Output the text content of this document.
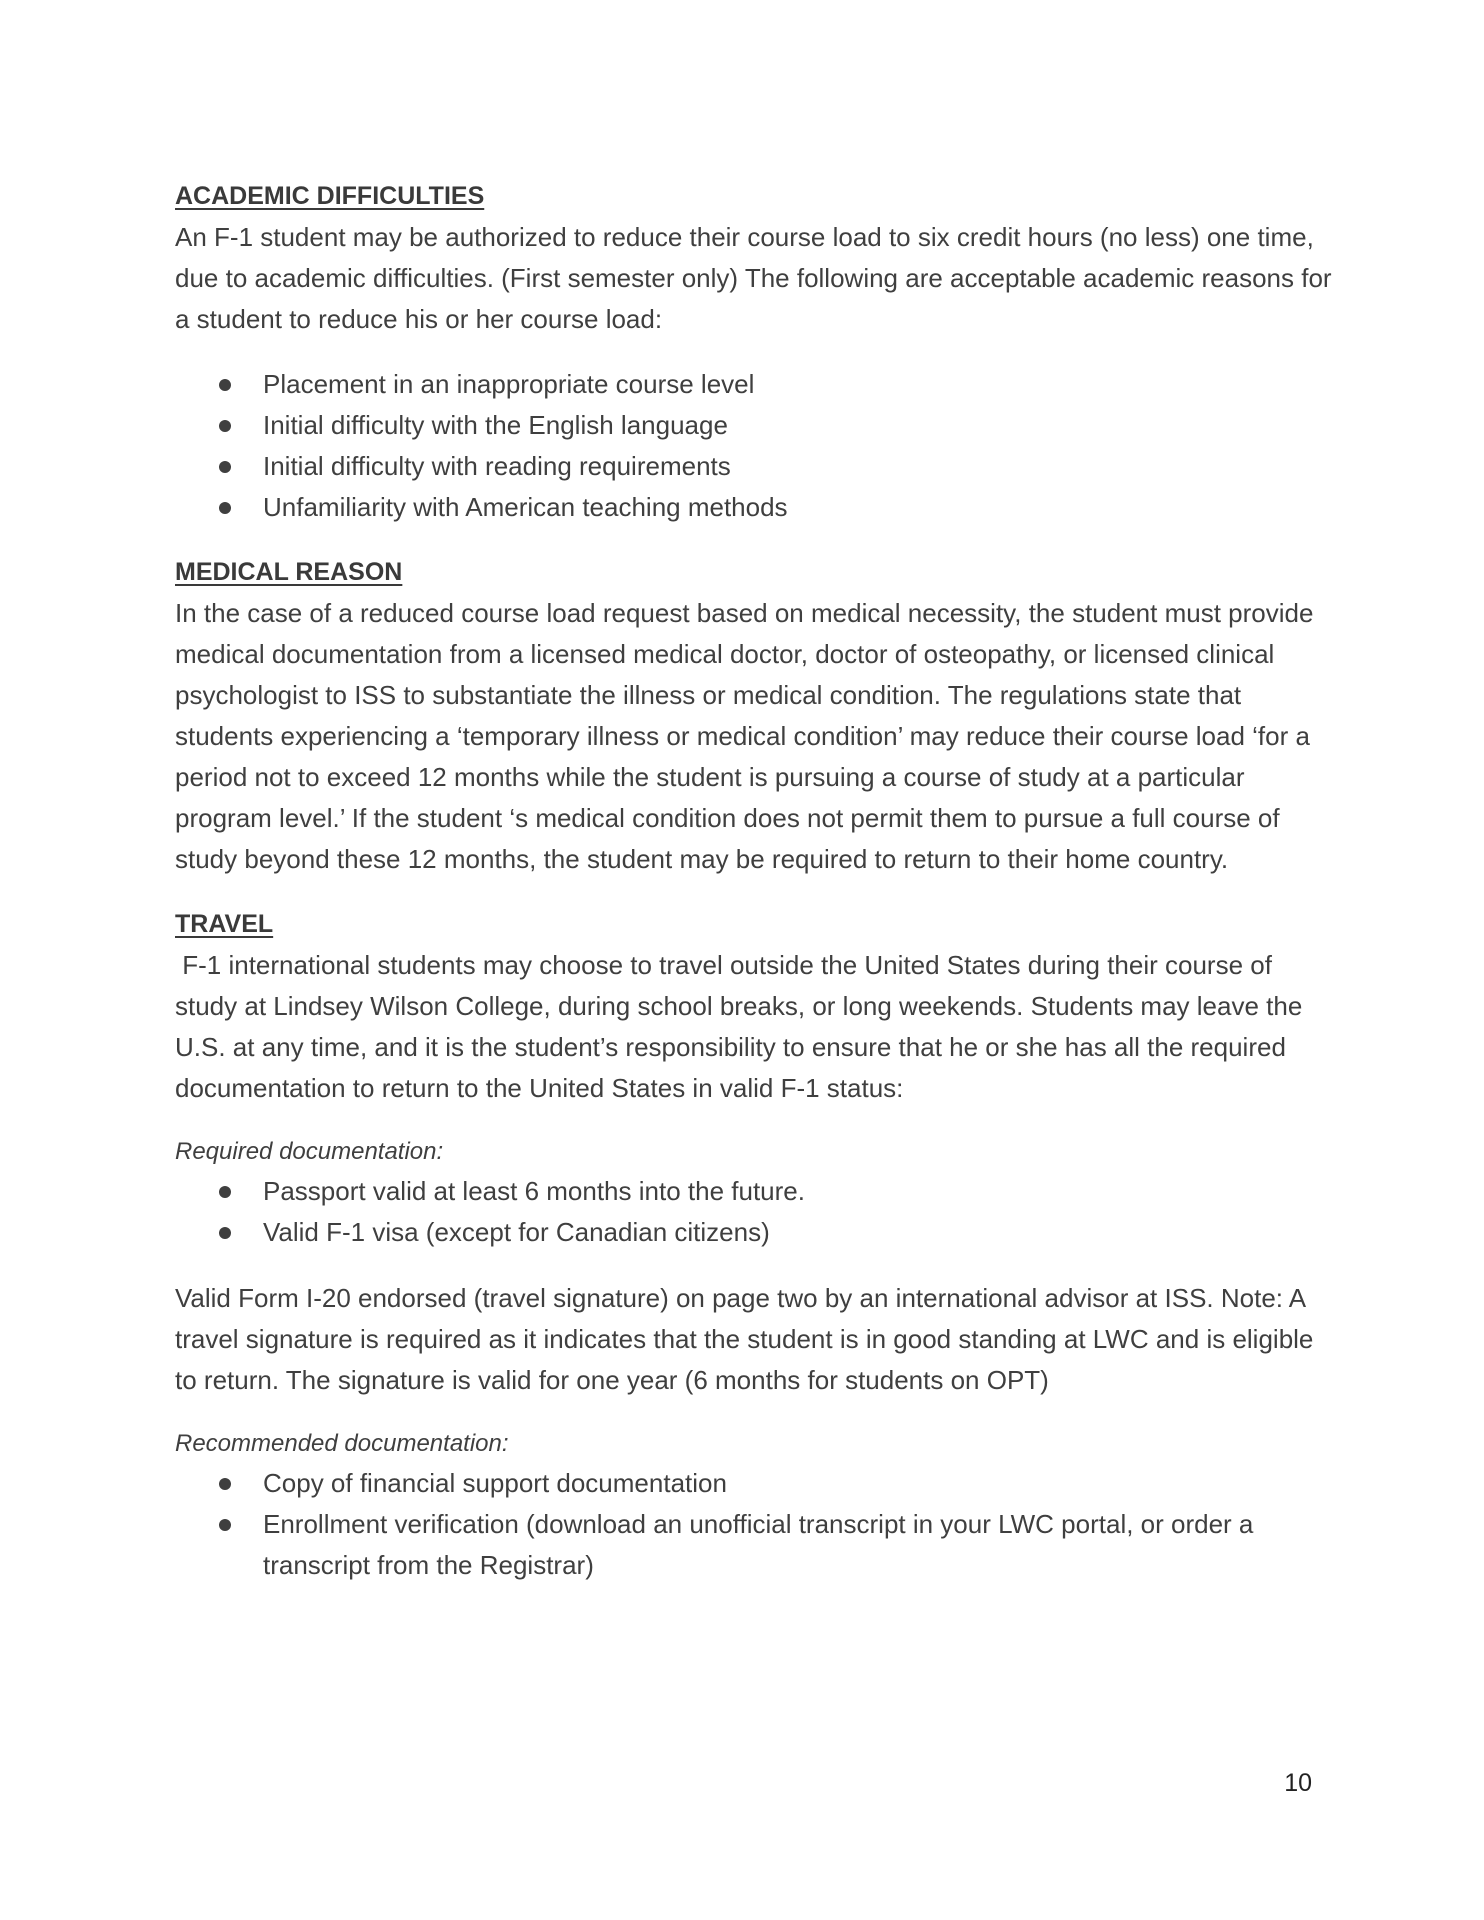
ACADEMIC DIFFICULTIES

An F-1 student may be authorized to reduce their course load to six credit hours (no less) one time, due to academic difficulties. (First semester only) The following are acceptable academic reasons for a student to reduce his or her course load:

Placement in an inappropriate course level
Initial difficulty with the English language
Initial difficulty with reading requirements
Unfamiliarity with American teaching methods
MEDICAL REASON

In the case of a reduced course load request based on medical necessity, the student must provide medical documentation from a licensed medical doctor, doctor of osteopathy, or licensed clinical psychologist to ISS to substantiate the illness or medical condition. The regulations state that students experiencing a ‘temporary illness or medical condition’ may reduce their course load ‘for a period not to exceed 12 months while the student is pursuing a course of study at a particular program level.’ If the student ‘s medical condition does not permit them to pursue a full course of study beyond these 12 months, the student may be required to return to their home country.

TRAVEL

F-1 international students may choose to travel outside the United States during their course of study at Lindsey Wilson College, during school breaks, or long weekends. Students may leave the U.S. at any time, and it is the student’s responsibility to ensure that he or she has all the required documentation to return to the United States in valid F-1 status:

Required documentation:

Passport valid at least 6 months into the future.
Valid F-1 visa (except for Canadian citizens)

Valid Form I-20 endorsed (travel signature) on page two by an international advisor at ISS. Note: A travel signature is required as it indicates that the student is in good standing at LWC and is eligible to return. The signature is valid for one year (6 months for students on OPT)

Recommended documentation:

Copy of financial support documentation
Enrollment verification (download an unofficial transcript in your LWC portal, or order a transcript from the Registrar)
10
